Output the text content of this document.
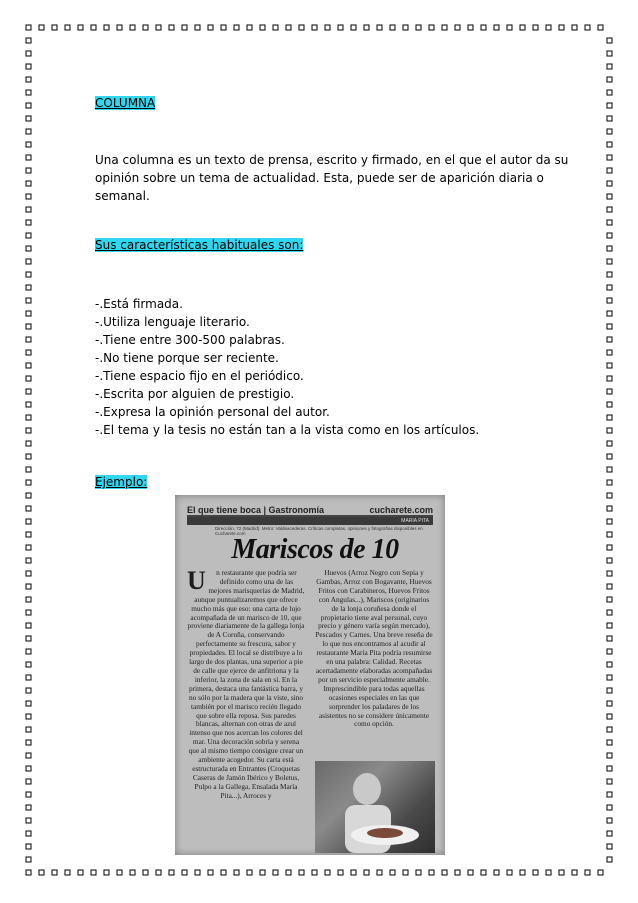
COLUMNA
Una columna es un texto de prensa, escrito y firmado, en el que el autor da su opinión sobre un tema de actualidad. Esta, puede ser de aparición diaria o semanal.
Sus características habituales son:
-.Está firmada.
-.Utiliza lenguaje literario.
-.Tiene entre 300-500 palabras.
-.No tiene porque ser reciente.
-.Tiene espacio fijo en el periódico.
-.Escrita por alguien de prestigio.
-.Expresa la opinión personal del autor.
-.El tema y la tesis no están tan a la vista como en los artículos.
Ejemplo:
El que tiene boca | Gastronomía	cucharete.com
MARIA PITA
Dirección, 72 (Madrid). Metro: Valdeacederas. Críticas completas, opiniones y fotografías disponibles en Cucharete.com
Mariscos de 10
U n restaurante que podría ser definido como una de las mejores marisquerías de Madrid, aunque puntualizaremos que ofrece mucho más que eso: una carta de lujo acompañada de un marisco de 10, que proviene diariamente de la gallega lonja de A Coruña, conservando perfectamente su frescura, sabor y propiedades. El local se distribuye a lo largo de dos plantas, una superior a pie de calle que ejerce de anfitriona y la inferior, la zona de sala en sí. En la primera, destaca una fantástica barra, y no sólo por la madera que la viste, sino también por el marisco recién llegado que sobre ella reposa. Sus paredes blancas, alternan con otras de azul intenso que nos acercan los colores del mar. Una decoración sobria y serena que al mismo tiempo consigue crear un ambiente acogedor. Su carta está estructurada en Entrantes (Croquetas Caseras de Jamón Ibérico y Boletus, Pulpo a la Gallega, Ensalada María Pita...), Arroces y
Huevos (Arroz Negro con Sepia y Gambas, Arroz con Bogavante, Huevos Fritos con Carabineros, Huevos Fritos con Angulas...), Mariscos (originarios de la lonja coruñesa donde el propietario tiene aval personal, cuyo precio y género varía según mercado), Pescados y Carnes. Una breve reseña de lo que nos encontramos al acudir al restaurante María Pita podría resumirse en una palabra: Calidad. Recetas acertadamente elaboradas acompañadas por un servicio especialmente amable. Imprescindible para todas aquellas ocasiones especiales en las que sorprender los paladares de los asistentes no se considere únicamente como opción.
